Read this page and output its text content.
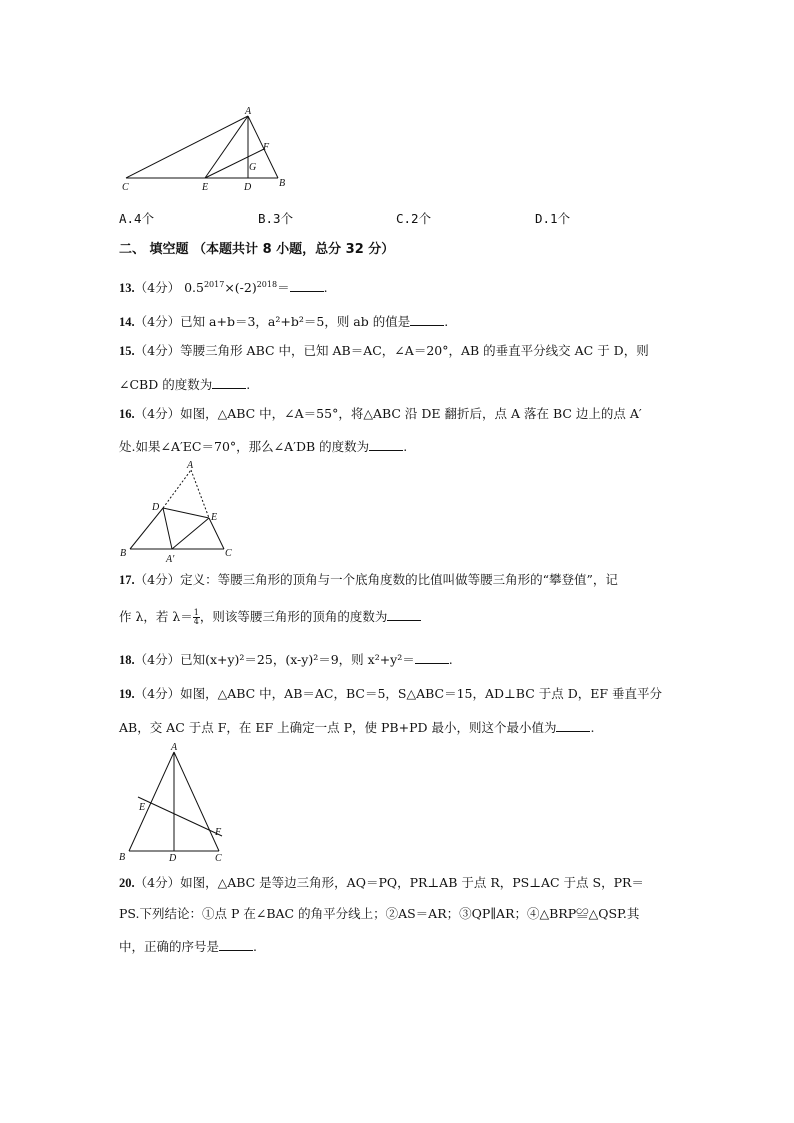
A
F
G
C	E	D	B
A.4个	B.3个	C.2个	D.1个
二、 填空题 （本题共计 8 小题，总分 32 分）
13.（4分） $0.5^{2017}\times(-2)^{2018}=$	.
14.（4分）已知 a+b＝3，a²+b²＝5，则 ab 的值是	.
15.（4分）等腰三角形 ABC 中，已知 AB＝AC，∠A＝20°，AB 的垂直平分线交 AC 于 D，则
∠CBD 的度数为	.
16.（4分）如图，△ABC 中，∠A＝55°，将△ABC 沿 DE 翻折后，点 A 落在 BC 边上的点 A′
处.如果∠A′EC＝70°，那么∠A′DB 的度数为	.
A
D
E
B
A′
C
17.（4分）定义：等腰三角形的顶角与一个底角度数的比值叫做等腰三角形的“攀登值”，记
作 λ，若 $\lambda= \frac{1}{4}$ ，则该等腰三角形的顶角的度数为
18.（4分）已知(x+y)²＝25，(x-y)²＝9，则 x²+y²＝	.
19.（4分）如图，△ABC 中，AB＝AC，BC＝5，S△ABC＝15，AD⊥BC 于点 D，EF 垂直平分
AB，交 AC 于点 F，在 EF 上确定一点 P，使 PB+PD 最小，则这个最小值为	.
A
E
F
B	D	C
20.（4分）如图，△ABC 是等边三角形，AQ＝PQ，PR⊥AB 于点 R，PS⊥AC 于点 S，PR＝
PS.下列结论：①点 P 在∠BAC 的角平分线上；②AS＝AR；③QP∥AR；④△BRP≌△QSP.其
中，正确的序号是	.
